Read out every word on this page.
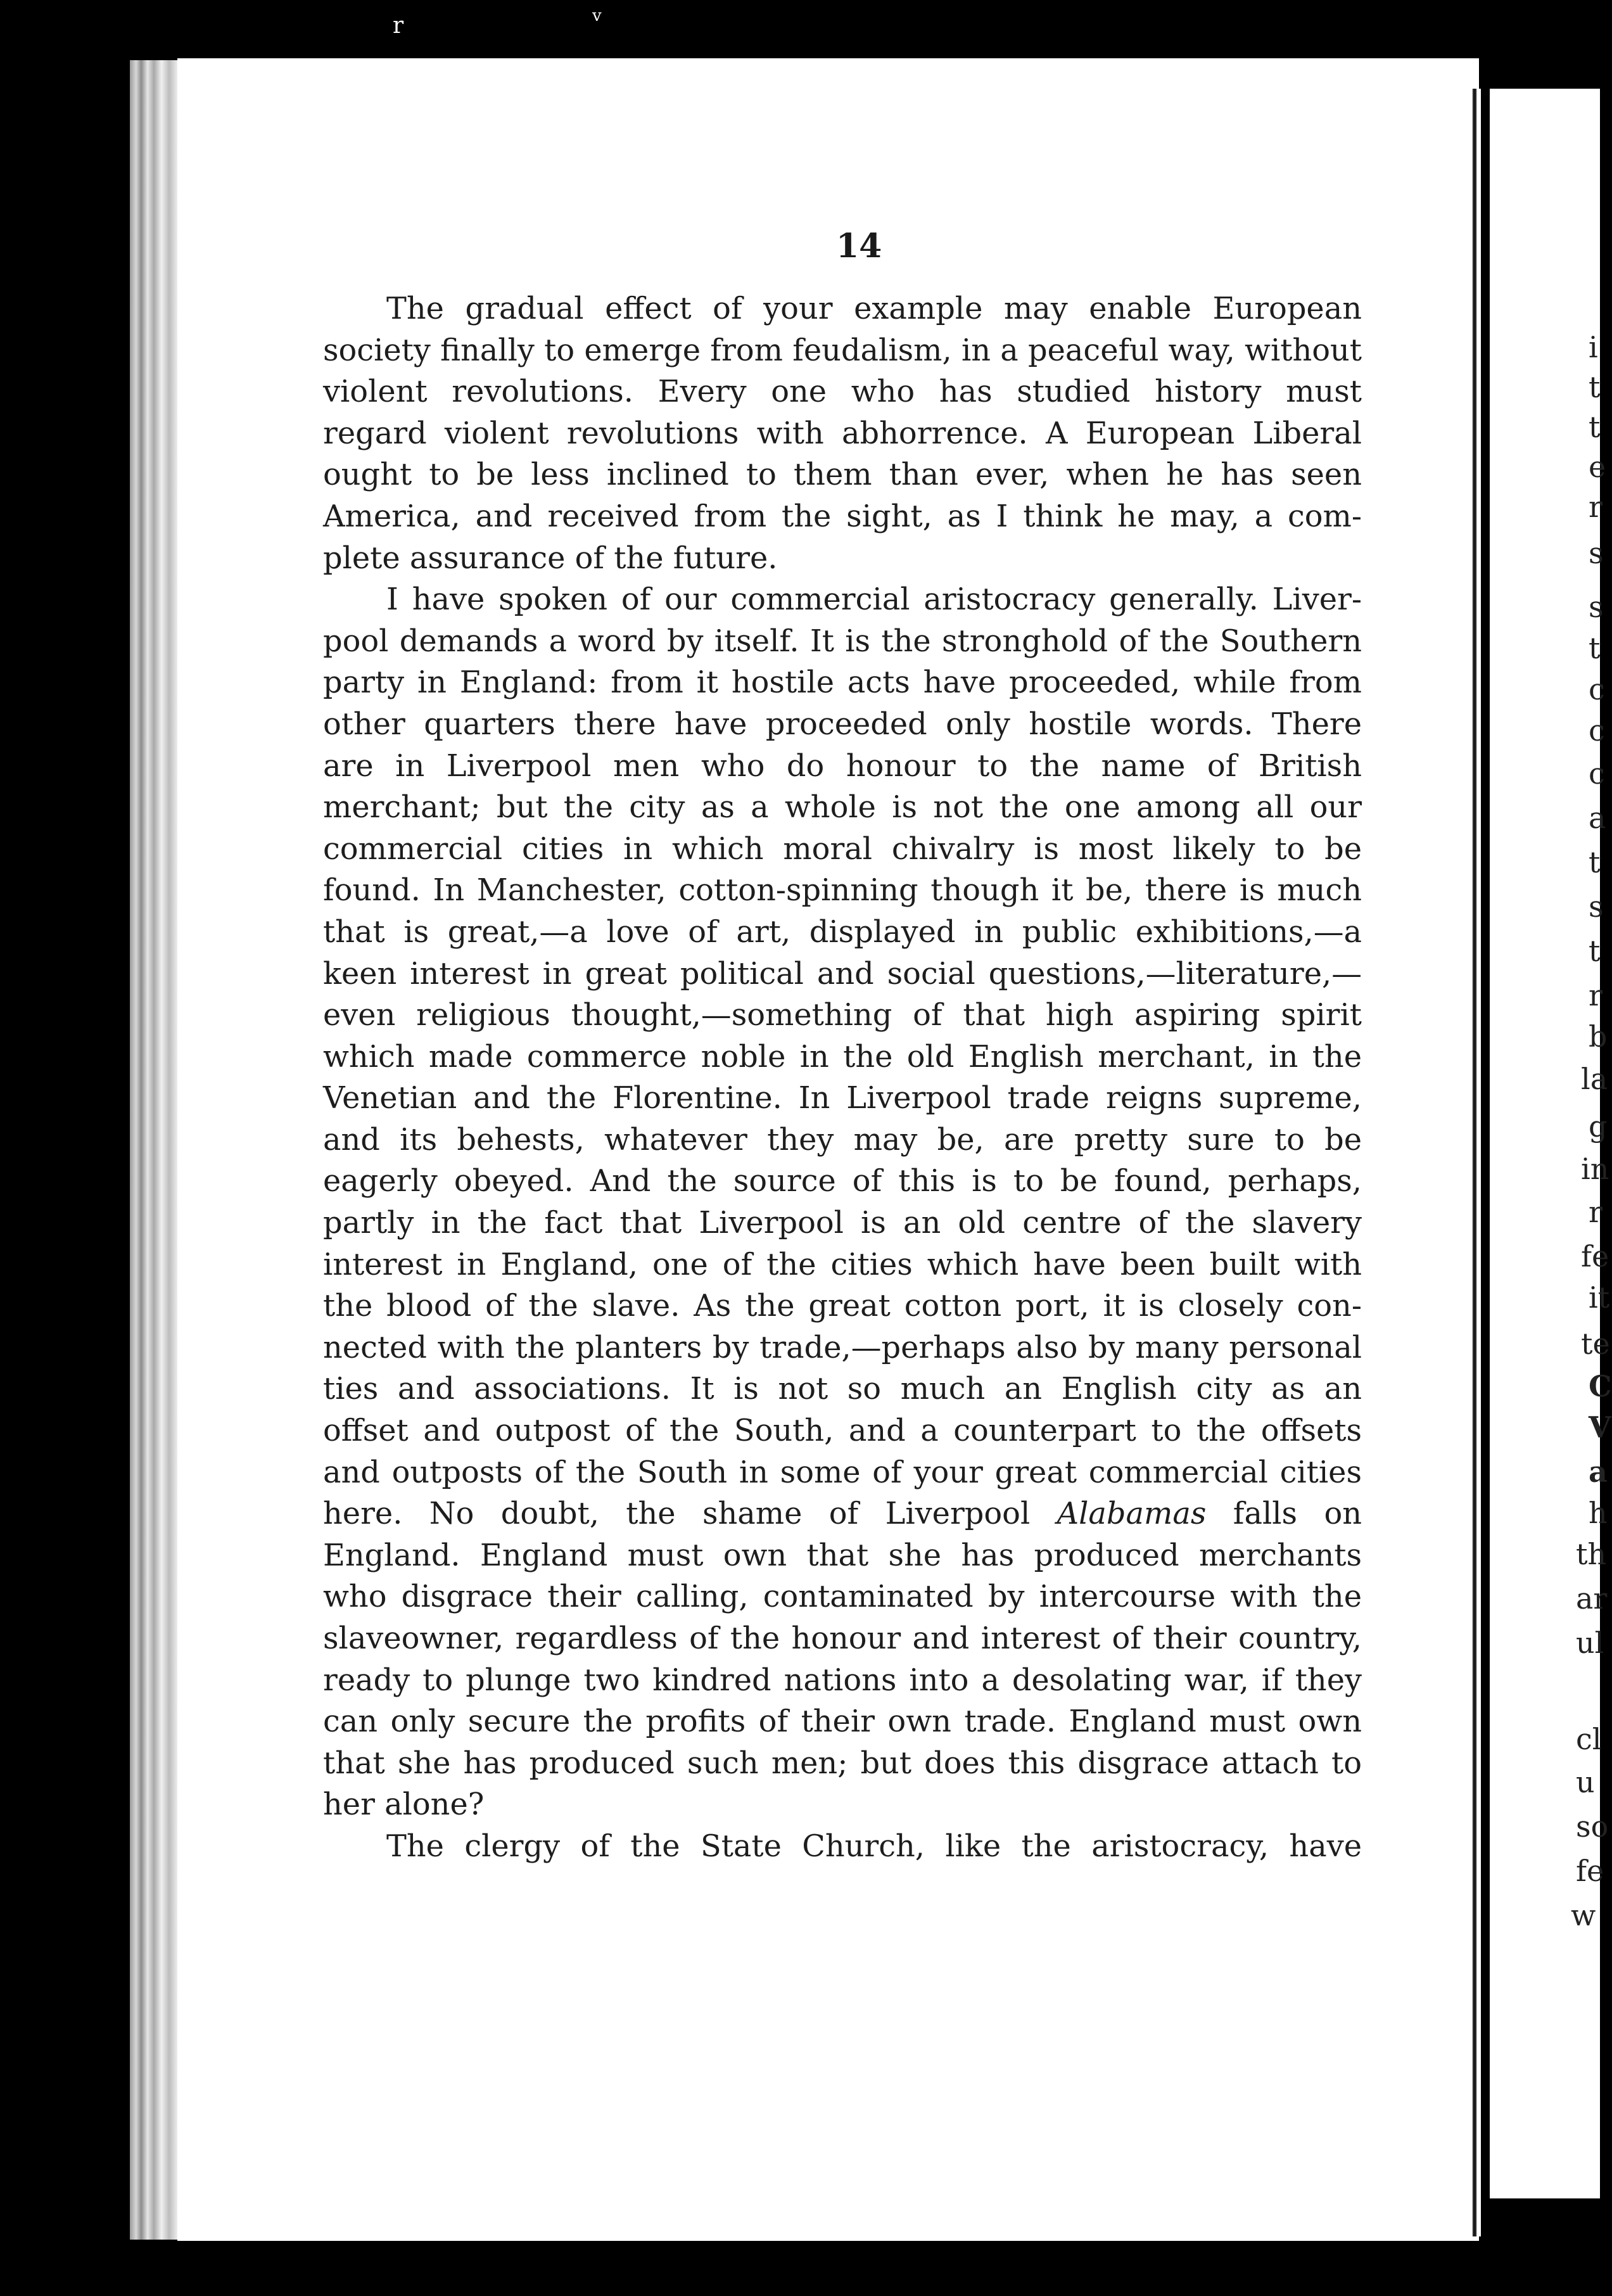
r	v
14
The gradual effect of your example may enable European
society finally to emerge from feudalism, in a peaceful way, without
violent revolutions. Every one who has studied history must
regard violent revolutions with abhorrence. A European Liberal
ought to be less inclined to them than ever, when he has seen
America, and received from the sight, as I think he may, a com-
plete assurance of the future.
I have spoken of our commercial aristocracy generally. Liver-
pool demands a word by itself. It is the stronghold of the Southern
party in England: from it hostile acts have proceeded, while from
other quarters there have proceeded only hostile words. There
are in Liverpool men who do honour to the name of British
merchant; but the city as a whole is not the one among all our
commercial cities in which moral chivalry is most likely to be
found. In Manchester, cotton-spinning though it be, there is much
that is great,—a love of art, displayed in public exhibitions,—a
keen interest in great political and social questions,—literature,—
even religious thought,—something of that high aspiring spirit
which made commerce noble in the old English merchant, in the
Venetian and the Florentine. In Liverpool trade reigns supreme,
and its behests, whatever they may be, are pretty sure to be
eagerly obeyed. And the source of this is to be found, perhaps,
partly in the fact that Liverpool is an old centre of the slavery
interest in England, one of the cities which have been built with
the blood of the slave. As the great cotton port, it is closely con-
nected with the planters by trade,—perhaps also by many personal
ties and associations. It is not so much an English city as an
offset and outpost of the South, and a counterpart to the offsets
and outposts of the South in some of your great commercial cities
here. No doubt, the shame of Liverpool Alabamas falls on
England. England must own that she has produced merchants
who disgrace their calling, contaminated by intercourse with the
slaveowner, regardless of the honour and interest of their country,
ready to plunge two kindred nations into a desolating war, if they
can only secure the profits of their own trade. England must own
that she has produced such men; but does this disgrace attach to
her alone?
The clergy of the State Church, like the aristocracy, have
i
t
t
e
r
s
s
t
c
c
c
a
t
s
t
r
b
la
g
in
r
fe
it
te
C
V
a
h
th
ar
ul
cl
u
so
fe
w
